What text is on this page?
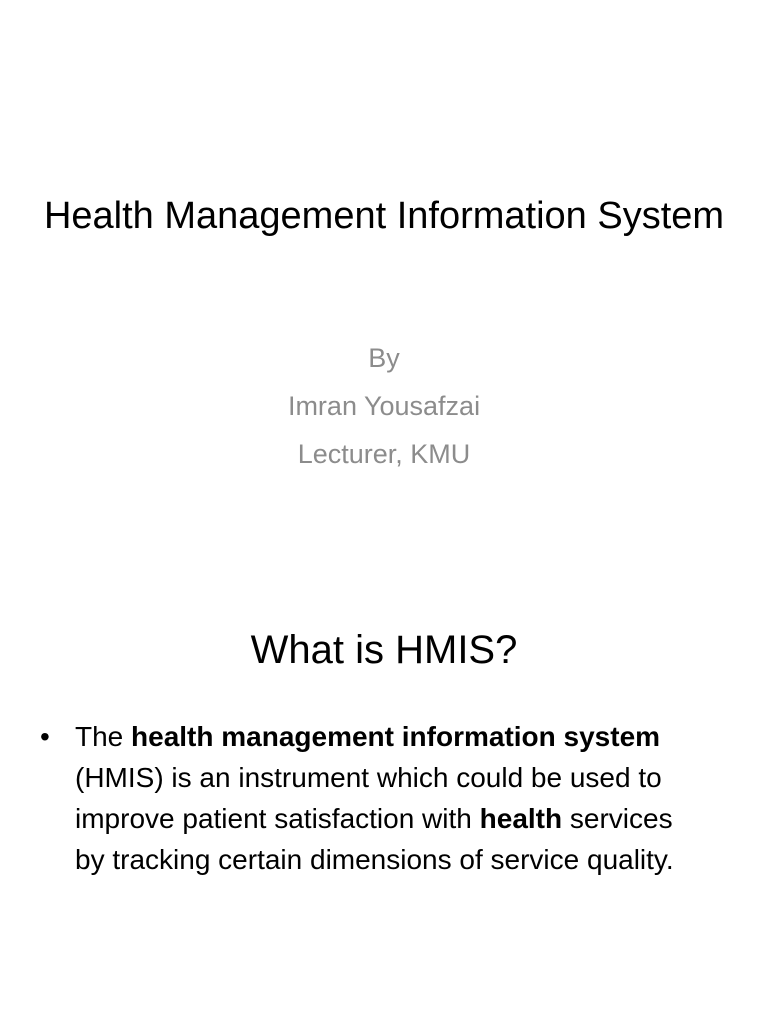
Health Management Information System
By
Imran Yousafzai
Lecturer, KMU
What is HMIS?
• The health management information system (HMIS) is an instrument which could be used to improve patient satisfaction with health services by tracking certain dimensions of service quality.
